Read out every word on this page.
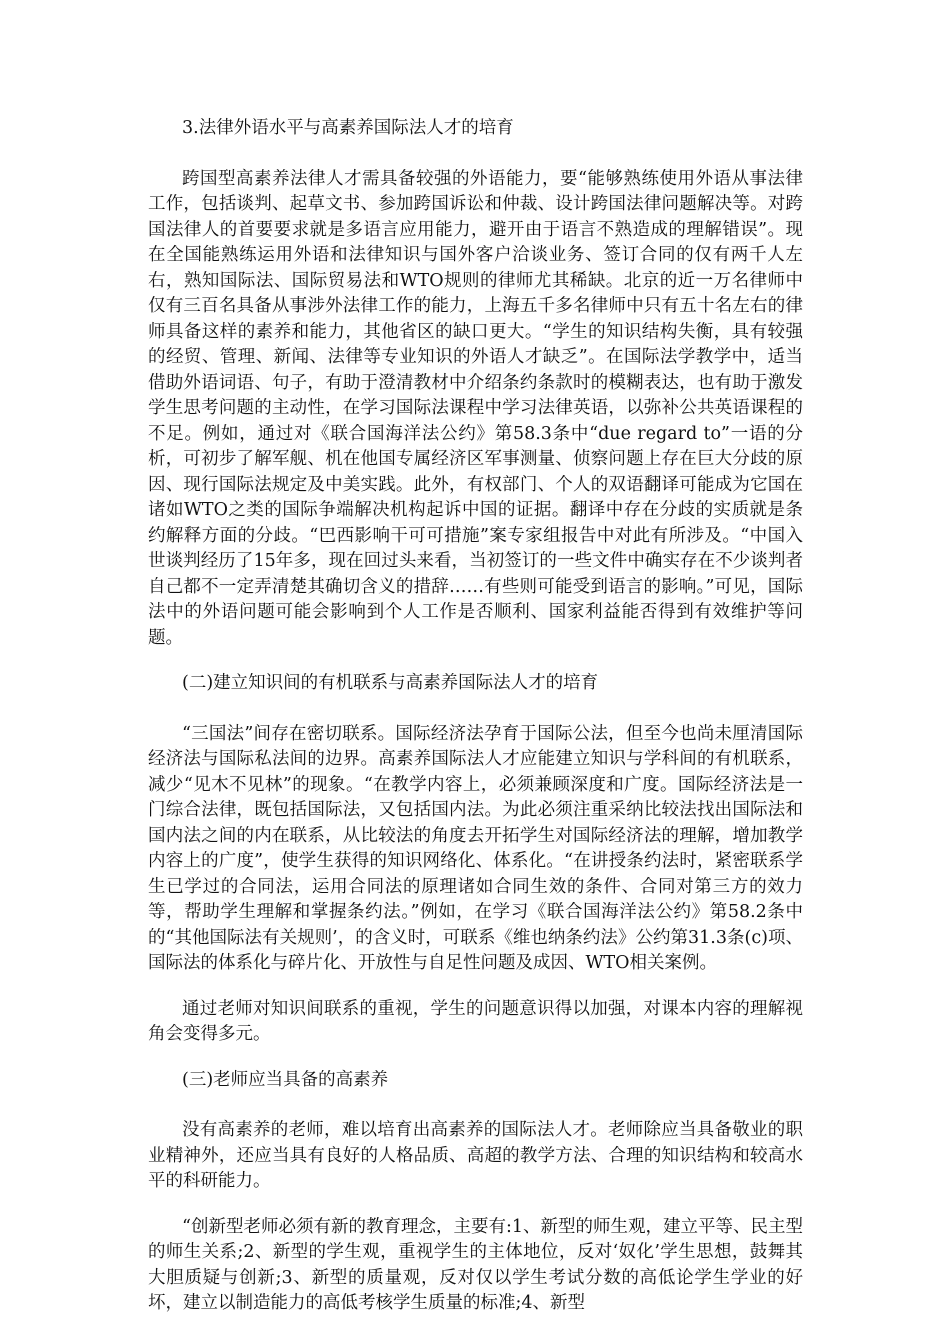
3.法律外语水平与高素养国际法人才的培育

跨国型高素养法律人才需具备较强的外语能力，要“能够熟练使用外语从事法律工作，包括谈判、起草文书、参加跨国诉讼和仲裁、设计跨国法律问题解决等。对跨国法律人的首要要求就是多语言应用能力，避开由于语言不熟造成的理解错误”。现在全国能熟练运用外语和法律知识与国外客户洽谈业务、签订合同的仅有两千人左右，熟知国际法、国际贸易法和WTO规则的律师尤其稀缺。北京的近一万名律师中仅有三百名具备从事涉外法律工作的能力，上海五千多名律师中只有五十名左右的律师具备这样的素养和能力，其他省区的缺口更大。“学生的知识结构失衡，具有较强的经贸、管理、新闻、法律等专业知识的外语人才缺乏”。在国际法学教学中，适当借助外语词语、句子，有助于澄清教材中介绍条约条款时的模糊表达，也有助于激发学生思考问题的主动性，在学习国际法课程中学习法律英语，以弥补公共英语课程的不足。例如，通过对《联合国海洋法公约》第58.3条中“due regard to”一语的分析，可初步了解军舰、机在他国专属经济区军事测量、侦察问题上存在巨大分歧的原因、现行国际法规定及中美实践。此外，有权部门、个人的双语翻译可能成为它国在诸如WTO之类的国际争端解决机构起诉中国的证据。翻译中存在分歧的实质就是条约解释方面的分歧。“巴西影响干可可措施”案专家组报告中对此有所涉及。“中国入世谈判经历了15年多，现在回过头来看，当初签订的一些文件中确实存在不少谈判者自己都不一定弄清楚其确切含义的措辞……有些则可能受到语言的影响。”可见，国际法中的外语问题可能会影响到个人工作是否顺利、国家利益能否得到有效维护等问题。

(二)建立知识间的有机联系与高素养国际法人才的培育

“三国法”间存在密切联系。国际经济法孕育于国际公法，但至今也尚未厘清国际经济法与国际私法间的边界。高素养国际法人才应能建立知识与学科间的有机联系，减少“见木不见林”的现象。“在教学内容上，必须兼顾深度和广度。国际经济法是一门综合法律，既包括国际法，又包括国内法。为此必须注重采纳比较法找出国际法和国内法之间的内在联系，从比较法的角度去开拓学生对国际经济法的理解，增加教学内容上的广度”，使学生获得的知识网络化、体系化。“在讲授条约法时，紧密联系学生已学过的合同法，运用合同法的原理诸如合同生效的条件、合同对第三方的效力等，帮助学生理解和掌握条约法。”例如，在学习《联合国海洋法公约》第58.2条中的“其他国际法有关规则’，的含义时，可联系《维也纳条约法》公约第31.3条(c)项、国际法的体系化与碎片化、开放性与自足性问题及成因、WTO相关案例。

通过老师对知识间联系的重视，学生的问题意识得以加强，对课本内容的理解视角会变得多元。

(三)老师应当具备的高素养

没有高素养的老师，难以培育出高素养的国际法人才。老师除应当具备敬业的职业精神外，还应当具有良好的人格品质、高超的教学方法、合理的知识结构和较高水平的科研能力。

“创新型老师必须有新的教育理念，主要有:1、新型的师生观，建立平等、民主型的师生关系;2、新型的学生观，重视学生的主体地位，反对‘奴化’学生思想，鼓舞其大胆质疑与创新;3、新型的质量观，反对仅以学生考试分数的高低论学生学业的好坏，建立以制造能力的高低考核学生质量的标准;4、新型
